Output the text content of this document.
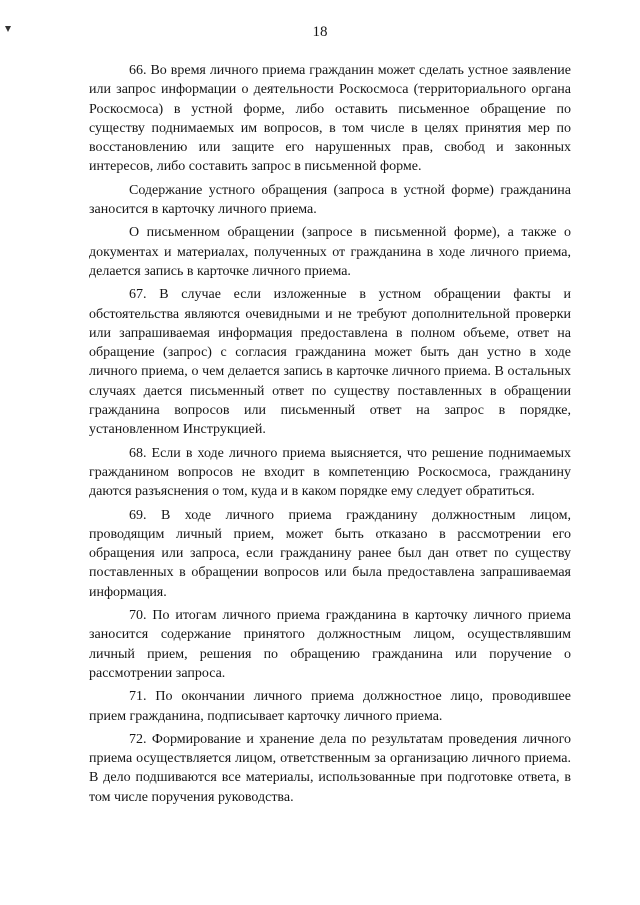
18

66. Во время личного приема гражданин может сделать устное заявление или запрос информации о деятельности Роскосмоса (территориального органа Роскосмоса) в устной форме, либо оставить письменное обращение по существу поднимаемых им вопросов, в том числе в целях принятия мер по восстановлению или защите его нарушенных прав, свобод и законных интересов, либо составить запрос в письменной форме.

Содержание устного обращения (запроса в устной форме) гражданина заносится в карточку личного приема.

О письменном обращении (запросе в письменной форме), а также о документах и материалах, полученных от гражданина в ходе личного приема, делается запись в карточке личного приема.

67. В случае если изложенные в устном обращении факты и обстоятельства являются очевидными и не требуют дополнительной проверки или запрашиваемая информация предоставлена в полном объеме, ответ на обращение (запрос) с согласия гражданина может быть дан устно в ходе личного приема, о чем делается запись в карточке личного приема. В остальных случаях дается письменный ответ по существу поставленных в обращении гражданина вопросов или письменный ответ на запрос в порядке, установленном Инструкцией.

68. Если в ходе личного приема выясняется, что решение поднимаемых гражданином вопросов не входит в компетенцию Роскосмоса, гражданину даются разъяснения о том, куда и в каком порядке ему следует обратиться.

69. В ходе личного приема гражданину должностным лицом, проводящим личный прием, может быть отказано в рассмотрении его обращения или запроса, если гражданину ранее был дан ответ по существу поставленных в обращении вопросов или была предоставлена запрашиваемая информация.

70. По итогам личного приема гражданина в карточку личного приема заносится содержание принятого должностным лицом, осуществлявшим личный прием, решения по обращению гражданина или поручение о рассмотрении запроса.

71. По окончании личного приема должностное лицо, проводившее прием гражданина, подписывает карточку личного приема.

72. Формирование и хранение дела по результатам проведения личного приема осуществляется лицом, ответственным за организацию личного приема. В дело подшиваются все материалы, использованные при подготовке ответа, в том числе поручения руководства.
